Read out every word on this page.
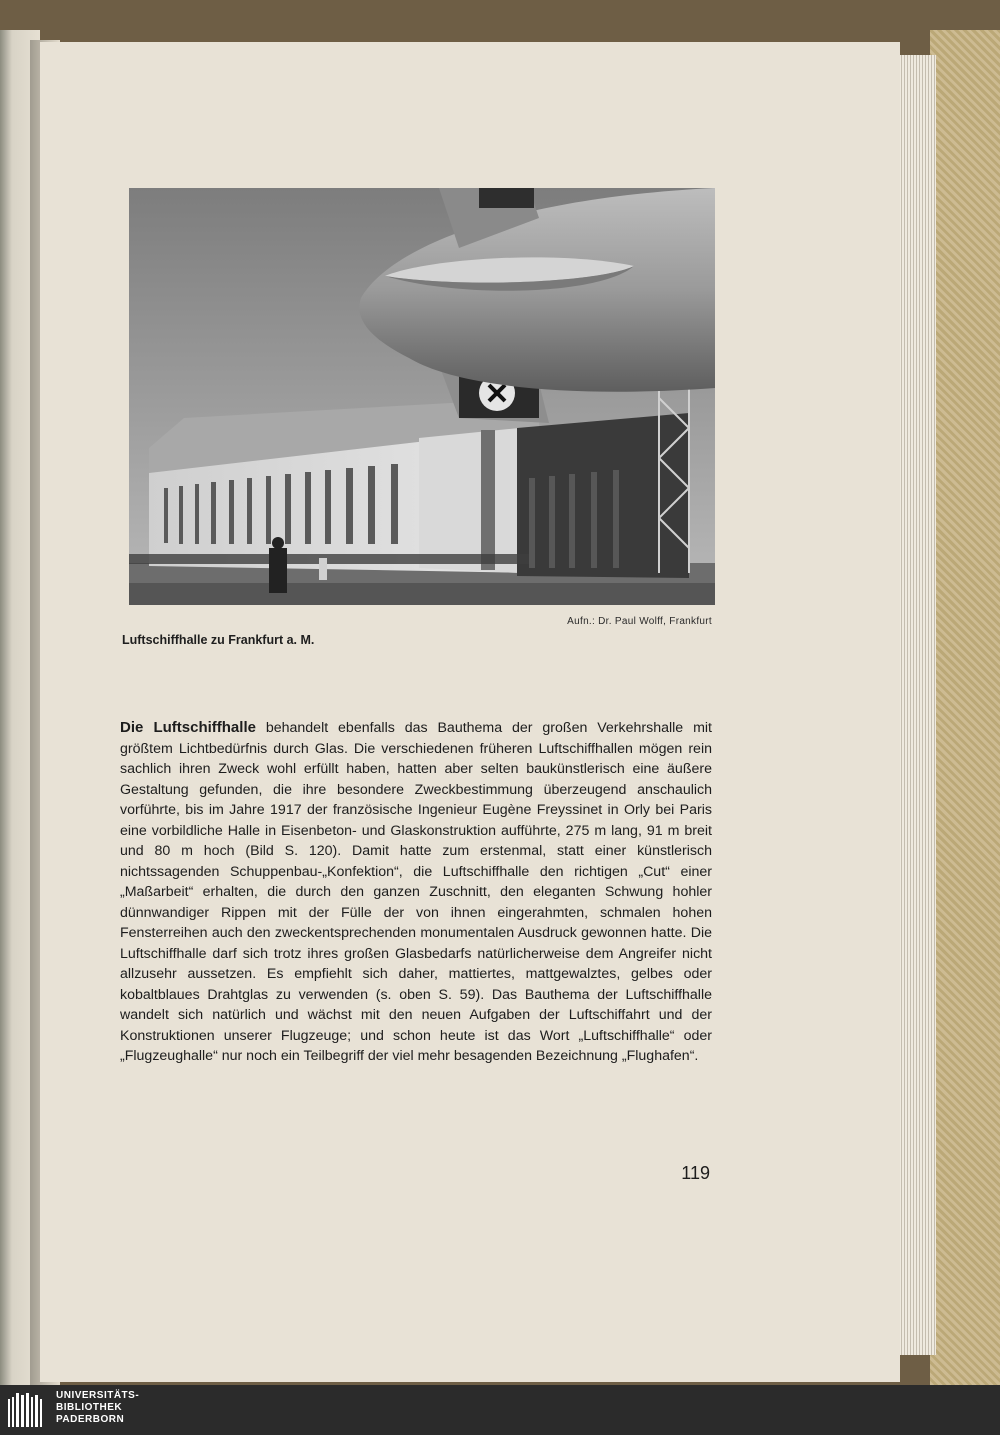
Aufn.: Dr. Paul Wolff, Frankfurt
Luftschiffhalle zu Frankfurt a. M.
Die Luftschiffhalle behandelt ebenfalls das Bauthema der großen Verkehrshalle mit größtem Lichtbedürfnis durch Glas. Die verschiedenen früheren Luftschiffhallen mögen rein sachlich ihren Zweck wohl erfüllt haben, hatten aber selten baukünstlerisch eine äußere Gestaltung gefunden, die ihre besondere Zweckbestimmung überzeugend anschaulich vorführte, bis im Jahre 1917 der französische Ingenieur Eugène Freyssinet in Orly bei Paris eine vorbildliche Halle in Eisenbeton- und Glaskonstruktion aufführte, 275 m lang, 91 m breit und 80 m hoch (Bild S. 120). Damit hatte zum erstenmal, statt einer künstlerisch nichtssagenden Schuppenbau-„Konfektion“, die Luftschiffhalle den richtigen „Cut“ einer „Maßarbeit“ erhalten, die durch den ganzen Zuschnitt, den eleganten Schwung hohler dünnwandiger Rippen mit der Fülle der von ihnen eingerahmten, schmalen hohen Fensterreihen auch den zweckentsprechenden monumentalen Ausdruck gewonnen hatte. Die Luftschiffhalle darf sich trotz ihres großen Glasbedarfs natürlicherweise dem Angreifer nicht allzusehr aussetzen. Es empfiehlt sich daher, mattiertes, mattgewalztes, gelbes oder kobaltblaues Drahtglas zu verwenden (s. oben S. 59). Das Bauthema der Luftschiffhalle wandelt sich natürlich und wächst mit den neuen Aufgaben der Luftschiffahrt und der Konstruktionen unserer Flugzeuge; und schon heute ist das Wort „Luftschiffhalle“ oder „Flugzeughalle“ nur noch ein Teilbegriff der viel mehr besagenden Bezeichnung „Flughafen“.
119
UNIVERSITÄTS-
BIBLIOTHEK
PADERBORN
